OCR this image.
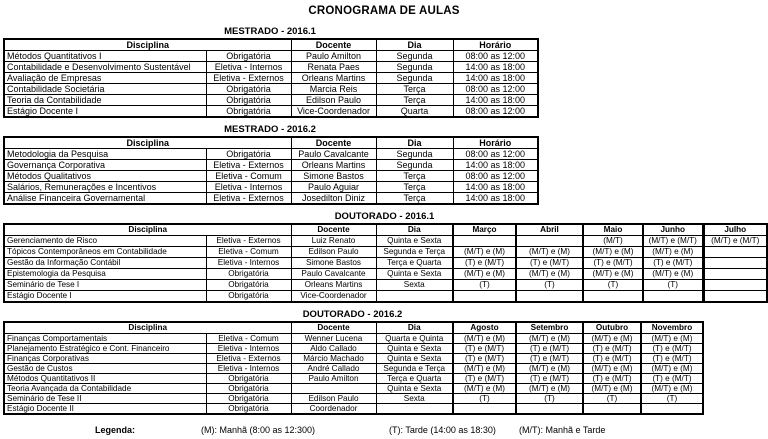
CRONOGRAMA DE AULAS
MESTRADO - 2016.1
Disciplina		Docente	Dia	Horário
Métodos Quantitativos I	Obrigatória	Paulo Amilton	Segunda	08:00 as 12:00
Contabilidade e Desenvolvimento Sustentável	Eletiva - Internos	Renata Paes	Segunda	14:00 as 18:00
Avaliação de Empresas	Eletiva - Externos	Orleans Martins	Segunda	14:00 as 18:00
Contabilidade Societária	Obrigatória	Marcia Reis	Terça	08:00 as 12:00
Teoria da Contabilidade	Obrigatória	Edilson Paulo	Terça	14:00 as 18:00
Estágio Docente I	Obrigatória	Vice-Coordenador	Quarta	08:00 as 12:00
MESTRADO - 2016.2
Disciplina		Docente	Dia	Horário
Metodologia da Pesquisa	Obrigatória	Paulo Cavalcante	Segunda	08:00 as 12:00
Governança Corporativa	Eletiva - Externos	Orleans Martins	Segunda	14:00 as 18:00
Métodos Qualitativos	Eletiva - Comum	Simone Bastos	Terça	08:00 as 12:00
Salários, Remunerações e Incentivos	Eletiva - Internos	Paulo Aguiar	Terça	14:00 as 18:00
Análise Financeira Governamental	Eletiva - Externos	Josedilton Diniz	Terça	14:00 as 18:00
DOUTORADO - 2016.1
Disciplina		Docente	Dia	Março	Abril	Maio	Junho	Julho
Gerenciamento de Risco	Eletiva - Externos	Luiz Renato	Quinta e Sexta			(M/T)	(M/T) e (M/T)	(M/T) e (M/T)
Tópicos Contemporâneos em Contabilidade	Eletiva - Comum	Edilson Paulo	Segunda e Terça	(M/T) e (M)	(M/T) e (M)	(M/T) e (M)	(M/T) e (M)	
Gestão da Informação Contábil	Eletiva - Internos	Simone Bastos	Terça e Quarta	(T) e (M/T)	(T) e (M/T)	(T) e (M/T)	(T) e (M/T)	
Epistemologia da Pesquisa	Obrigatória	Paulo Cavalcante	Quinta e Sexta	(M/T) e (M)	(M/T) e (M)	(M/T) e (M)	(M/T) e (M)	
Seminário de Tese I	Obrigatória	Orleans Martins	Sexta	(T)	(T)	(T)	(T)	
Estágio Docente I	Obrigatória	Vice-Coordenador						
DOUTORADO - 2016.2
Disciplina		Docente	Dia	Agosto	Setembro	Outubro	Novembro
Finanças Comportamentais	Eletiva - Comum	Wenner Lucena	Quarta e Quinta	(M/T) e (M)	(M/T) e (M)	(M/T) e (M)	(M/T) e (M)
Planejamento Estratégico e Cont. Financeiro	Eletiva - Internos	Aldo Callado	Quinta e Sexta	(T) e (M/T)	(T) e (M/T)	(T) e (M/T)	(T) e (M/T)
Finanças Corporativas	Eletiva - Externos	Márcio Machado	Quinta e Sexta	(T) e (M/T)	(T) e (M/T)	(T) e (M/T)	(T) e (M/T)
Gestão de Custos	Eletiva - Internos	André Callado	Segunda e Terça	(M/T) e (M)	(M/T) e (M)	(M/T) e (M)	(M/T) e (M)
Métodos Quantitativos II	Obrigatória	Paulo Amilton	Terça e Quarta	(T) e (M/T)	(T) e (M/T)	(T) e (M/T)	(T) e (M/T)
Teoria Avançada da Contabilidade	Obrigatória		Quinta e Sexta	(M/T) e (M)	(M/T) e (M)	(M/T) e (M)	(M/T) e (M)
Seminário de Tese II	Obrigatória	Edilson Paulo	Sexta	(T)	(T)	(T)	(T)
Estágio Docente II	Obrigatória	Coordenador					
Legenda:	(M): Manhã (8:00 as 12:300)	(T): Tarde (14:00 as 18:30)	(M/T): Manhã e Tarde
